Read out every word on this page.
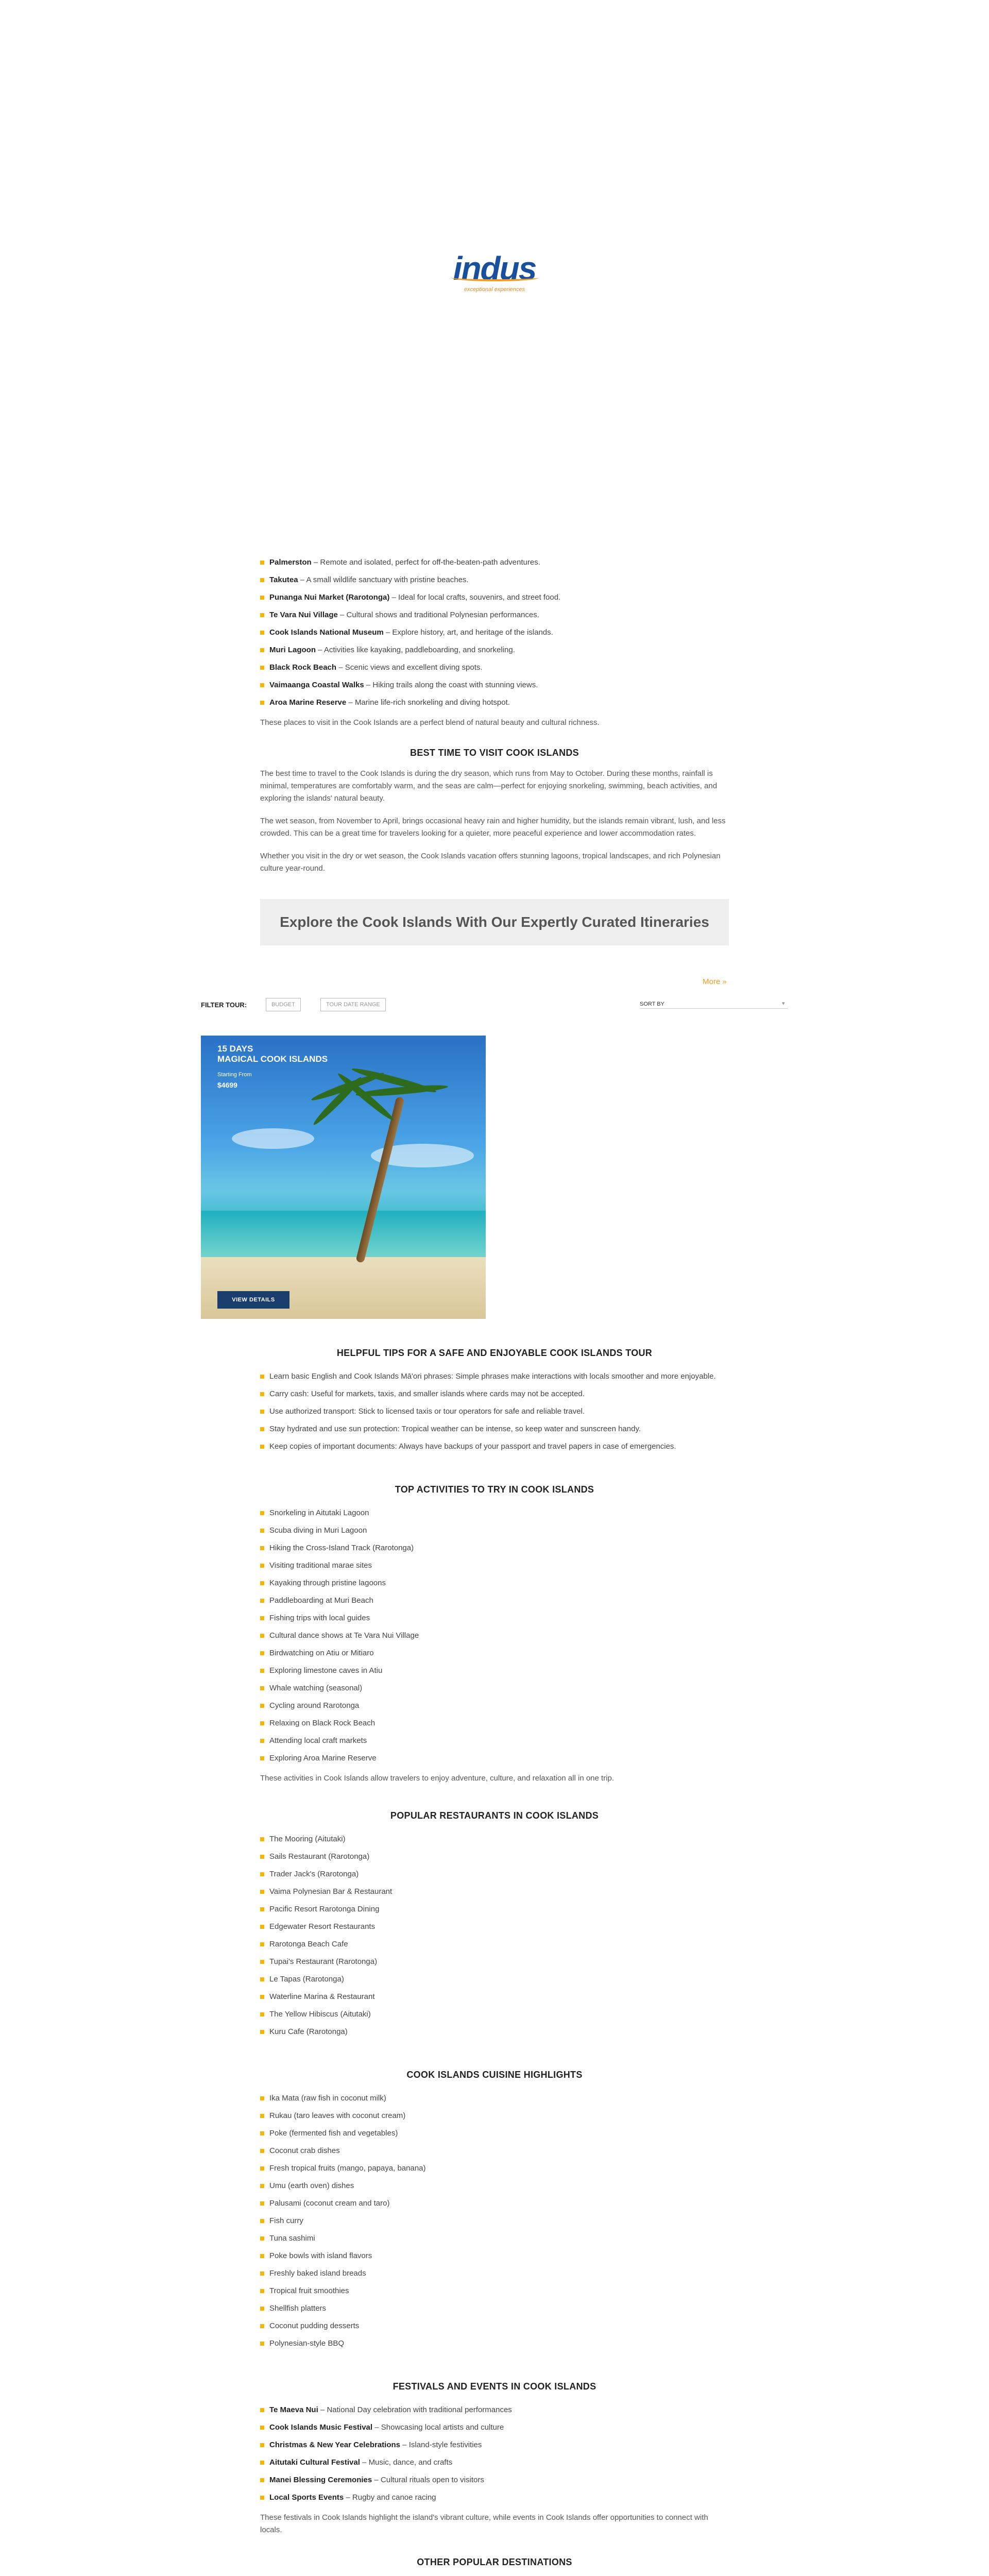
indus
exceptional experiences
Palmerston – Remote and isolated, perfect for off-the-beaten-path adventures.
Takutea – A small wildlife sanctuary with pristine beaches.
Punanga Nui Market (Rarotonga) – Ideal for local crafts, souvenirs, and street food.
Te Vara Nui Village – Cultural shows and traditional Polynesian performances.
Cook Islands National Museum – Explore history, art, and heritage of the islands.
Muri Lagoon – Activities like kayaking, paddleboarding, and snorkeling.
Black Rock Beach – Scenic views and excellent diving spots.
Vaimaanga Coastal Walks – Hiking trails along the coast with stunning views.
Aroa Marine Reserve – Marine life-rich snorkeling and diving hotspot.

These places to visit in the Cook Islands are a perfect blend of natural beauty and cultural richness.

BEST TIME TO VISIT COOK ISLANDS

The best time to travel to the Cook Islands is during the dry season, which runs from May to October. During these months, rainfall is minimal, temperatures are comfortably warm, and the seas are calm—perfect for enjoying snorkeling, swimming, beach activities, and exploring the islands' natural beauty.

The wet season, from November to April, brings occasional heavy rain and higher humidity, but the islands remain vibrant, lush, and less crowded. This can be a great time for travelers looking for a quieter, more peaceful experience and lower accommodation rates.

Whether you visit in the dry or wet season, the Cook Islands vacation offers stunning lagoons, tropical landscapes, and rich Polynesian culture year-round.

Explore the Cook Islands With Our Expertly Curated Itineraries
More »
FILTER TOUR:	BUDGET	TOUR DATE RANGE	SORT BY	▾
15 DAYS
MAGICAL COOK ISLANDS
Starting From
$4699
VIEW DETAILS
HELPFUL TIPS FOR A SAFE AND ENJOYABLE COOK ISLANDS TOUR
Learn basic English and Cook Islands Mā'ori phrases: Simple phrases make interactions with locals smoother and more enjoyable.
Carry cash: Useful for markets, taxis, and smaller islands where cards may not be accepted.
Use authorized transport: Stick to licensed taxis or tour operators for safe and reliable travel.
Stay hydrated and use sun protection: Tropical weather can be intense, so keep water and sunscreen handy.
Keep copies of important documents: Always have backups of your passport and travel papers in case of emergencies.
TOP ACTIVITIES TO TRY IN COOK ISLANDS
Snorkeling in Aitutaki Lagoon
Scuba diving in Muri Lagoon
Hiking the Cross-Island Track (Rarotonga)
Visiting traditional marae sites
Kayaking through pristine lagoons
Paddleboarding at Muri Beach
Fishing trips with local guides
Cultural dance shows at Te Vara Nui Village
Birdwatching on Atiu or Mitiaro
Exploring limestone caves in Atiu
Whale watching (seasonal)
Cycling around Rarotonga
Relaxing on Black Rock Beach
Attending local craft markets
Exploring Aroa Marine Reserve

These activities in Cook Islands allow travelers to enjoy adventure, culture, and relaxation all in one trip.

POPULAR RESTAURANTS IN COOK ISLANDS
The Mooring (Aitutaki)
Sails Restaurant (Rarotonga)
Trader Jack's (Rarotonga)
Vaima Polynesian Bar & Restaurant
Pacific Resort Rarotonga Dining
Edgewater Resort Restaurants
Rarotonga Beach Cafe
Tupai's Restaurant (Rarotonga)
Le Tapas (Rarotonga)
Waterline Marina & Restaurant
The Yellow Hibiscus (Aitutaki)
Kuru Cafe (Rarotonga)
COOK ISLANDS CUISINE HIGHLIGHTS
Ika Mata (raw fish in coconut milk)
Rukau (taro leaves with coconut cream)
Poke (fermented fish and vegetables)
Coconut crab dishes
Fresh tropical fruits (mango, papaya, banana)
Umu (earth oven) dishes
Palusami (coconut cream and taro)
Fish curry
Tuna sashimi
Poke bowls with island flavors
Freshly baked island breads
Tropical fruit smoothies
Shellfish platters
Coconut pudding desserts
Polynesian-style BBQ
FESTIVALS AND EVENTS IN COOK ISLANDS
Te Maeva Nui – National Day celebration with traditional performances
Cook Islands Music Festival – Showcasing local artists and culture
Christmas & New Year Celebrations – Island-style festivities
Aitutaki Cultural Festival – Music, dance, and crafts
Manei Blessing Ceremonies – Cultural rituals open to visitors
Local Sports Events – Rugby and canoe racing

These festivals in Cook Islands highlight the island's vibrant culture, while events in Cook Islands offer opportunities to connect with locals.

OTHER POPULAR DESTINATIONS
